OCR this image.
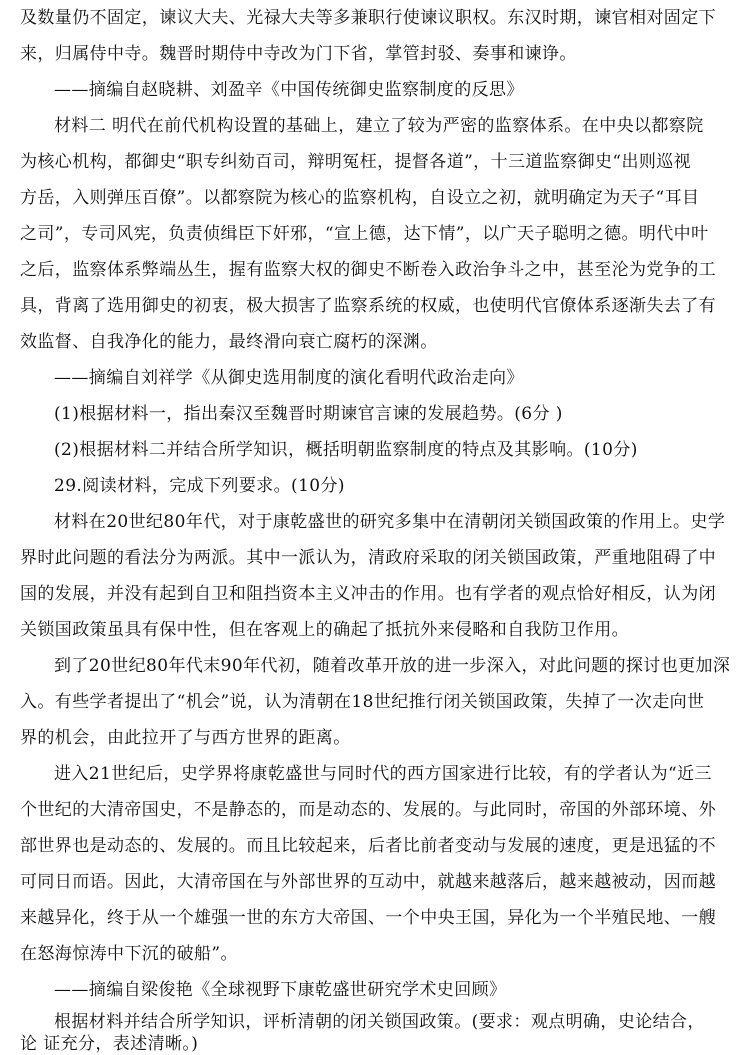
及数量仍不固定，谏议大夫、光禄大夫等多兼职行使谏议职权。东汉时期，谏官相对固定下
来，归属侍中寺。魏晋时期侍中寺改为门下省，掌管封驳、奏事和谏诤。
——摘编自赵晓耕、刘盈辛《中国传统御史监察制度的反思》
材料二 明代在前代机构设置的基础上，建立了较为严密的监察体系。在中央以都察院
为核心机构，都御史“职专纠劾百司，辩明冤枉，提督各道”，十三道监察御史“出则巡视
方岳，入则弹压百僚”。以都察院为核心的监察机构，自设立之初，就明确定为天子“耳目
之司”，专司风宪，负责侦缉臣下奸邪，“宣上德，达下情”，以广天子聪明之德。明代中叶
之后，监察体系弊端丛生，握有监察大权的御史不断卷入政治争斗之中，甚至沦为党争的工
具，背离了选用御史的初衷，极大损害了监察系统的权威，也使明代官僚体系逐渐失去了有
效监督、自我净化的能力，最终滑向衰亡腐朽的深渊。
——摘编自刘祥学《从御史选用制度的演化看明代政治走向》
(1)根据材料一，指出秦汉至魏晋时期谏官言谏的发展趋势。(6分 )
(2)根据材料二并结合所学知识，概括明朝监察制度的特点及其影响。(10分)
29.阅读材料，完成下列要求。(10分)
材料在20世纪80年代，对于康乾盛世的研究多集中在清朝闭关锁国政策的作用上。史学
界时此问题的看法分为两派。其中一派认为，清政府采取的闭关锁国政策，严重地阻碍了中
国的发展，并没有起到自卫和阻挡资本主义冲击的作用。也有学者的观点恰好相反，认为闭
关锁国政策虽具有保中性，但在客观上的确起了抵抗外来侵略和自我防卫作用。
到了20世纪80年代末90年代初，随着改革开放的进一步深入，对此问题的探讨也更加深
入。有些学者提出了“机会”说，认为清朝在18世纪推行闭关锁国政策，失掉了一次走向世
界的机会，由此拉开了与西方世界的距离。
进入21世纪后，史学界将康乾盛世与同时代的西方国家进行比较，有的学者认为“近三
个世纪的大清帝国史，不是静态的，而是动态的、发展的。与此同时，帝国的外部环境、外
部世界也是动态的、发展的。而且比较起来，后者比前者变动与发展的速度，更是迅猛的不
可同日而语。因此，大清帝国在与外部世界的互动中，就越来越落后，越来越被动，因而越
来越异化，终于从一个雄强一世的东方大帝国、一个中央王国，异化为一个半殖民地、一艘
在怒海惊涛中下沉的破船”。
——摘编自梁俊艳《全球视野下康乾盛世研究学术史回顾》
根据材料并结合所学知识，评析清朝的闭关锁国政策。(要求：观点明确，史论结合，
论 证充分，表述清晰。)
